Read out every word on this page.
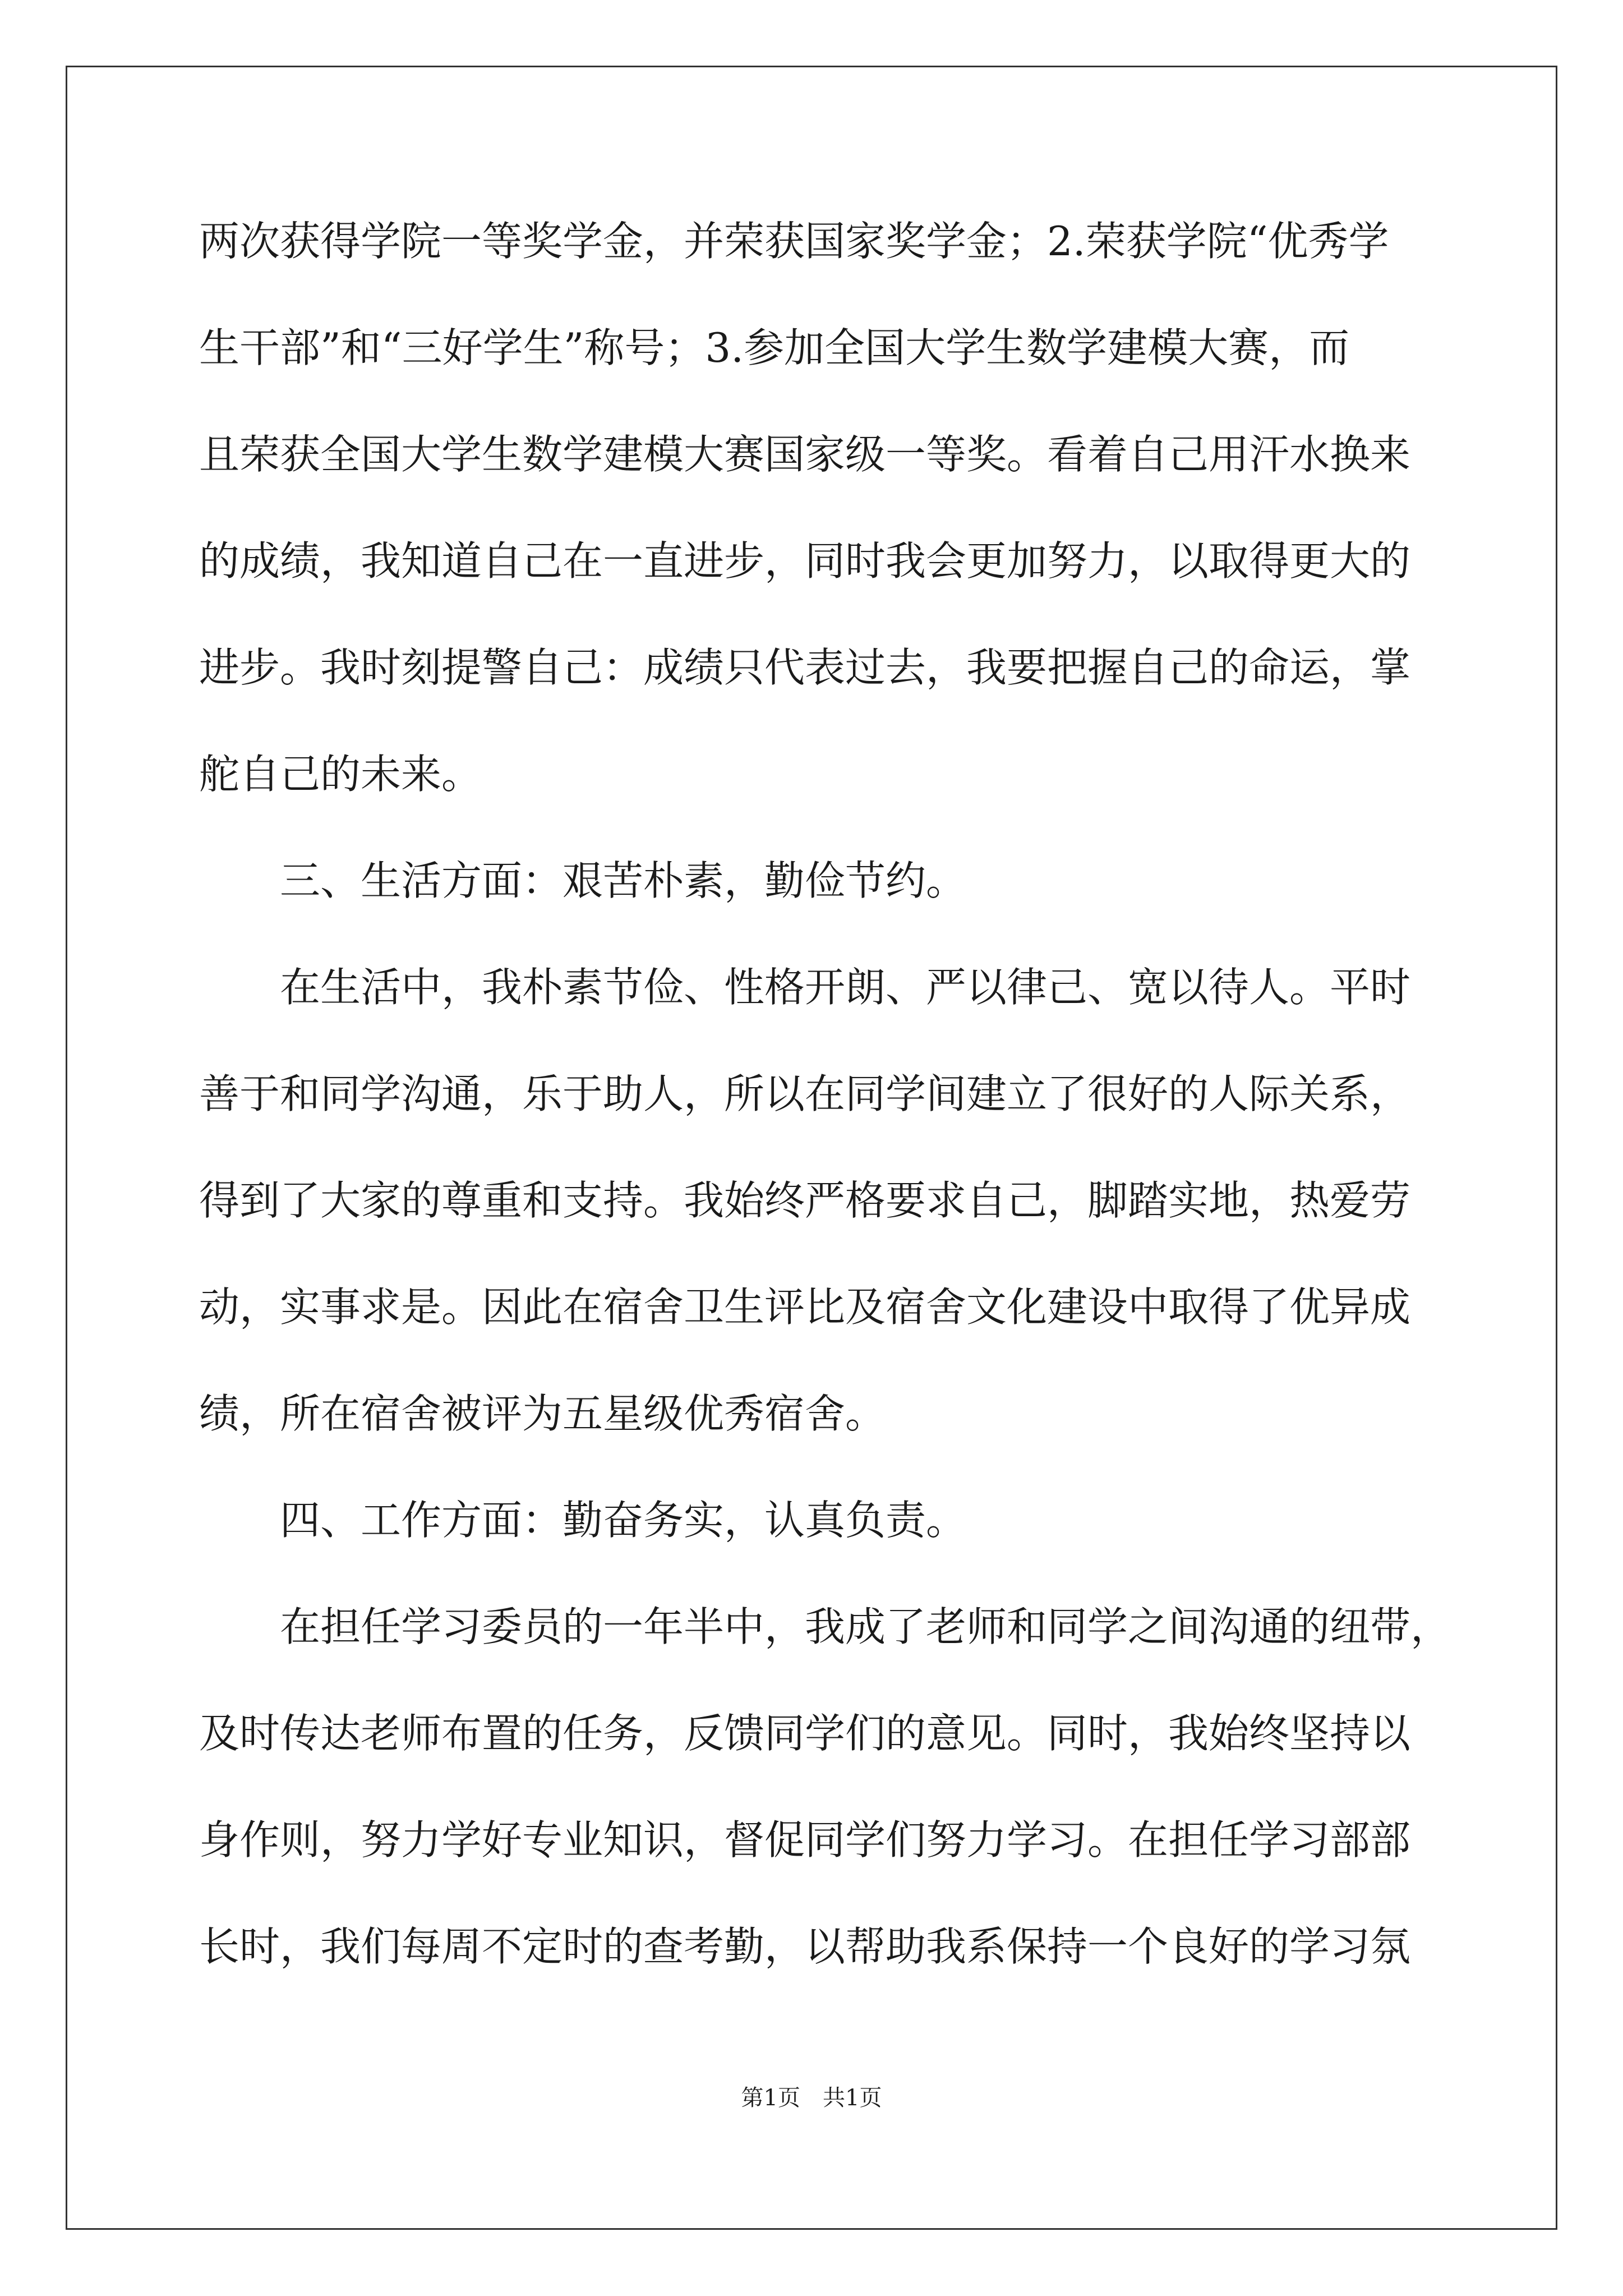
两次获得学院一等奖学金，并荣获国家奖学金；2.荣获学院“优秀学
生干部”和“三好学生”称号；3.参加全国大学生数学建模大赛，而
且荣获全国大学生数学建模大赛国家级一等奖。看着自己用汗水换来
的成绩，我知道自己在一直进步，同时我会更加努力，以取得更大的
进步。我时刻提警自己：成绩只代表过去，我要把握自己的命运，掌
舵自己的未来。
　　三、生活方面：艰苦朴素，勤俭节约。
　　在生活中，我朴素节俭、性格开朗、严以律己、宽以待人。平时
善于和同学沟通，乐于助人，所以在同学间建立了很好的人际关系，
得到了大家的尊重和支持。我始终严格要求自己，脚踏实地，热爱劳
动，实事求是。因此在宿舍卫生评比及宿舍文化建设中取得了优异成
绩，所在宿舍被评为五星级优秀宿舍。
　　四、工作方面：勤奋务实，认真负责。
　　在担任学习委员的一年半中，我成了老师和同学之间沟通的纽带，
及时传达老师布置的任务，反馈同学们的意见。同时，我始终坚持以
身作则，努力学好专业知识，督促同学们努力学习。在担任学习部部
长时，我们每周不定时的查考勤，以帮助我系保持一个良好的学习氛
第1页　共1页
